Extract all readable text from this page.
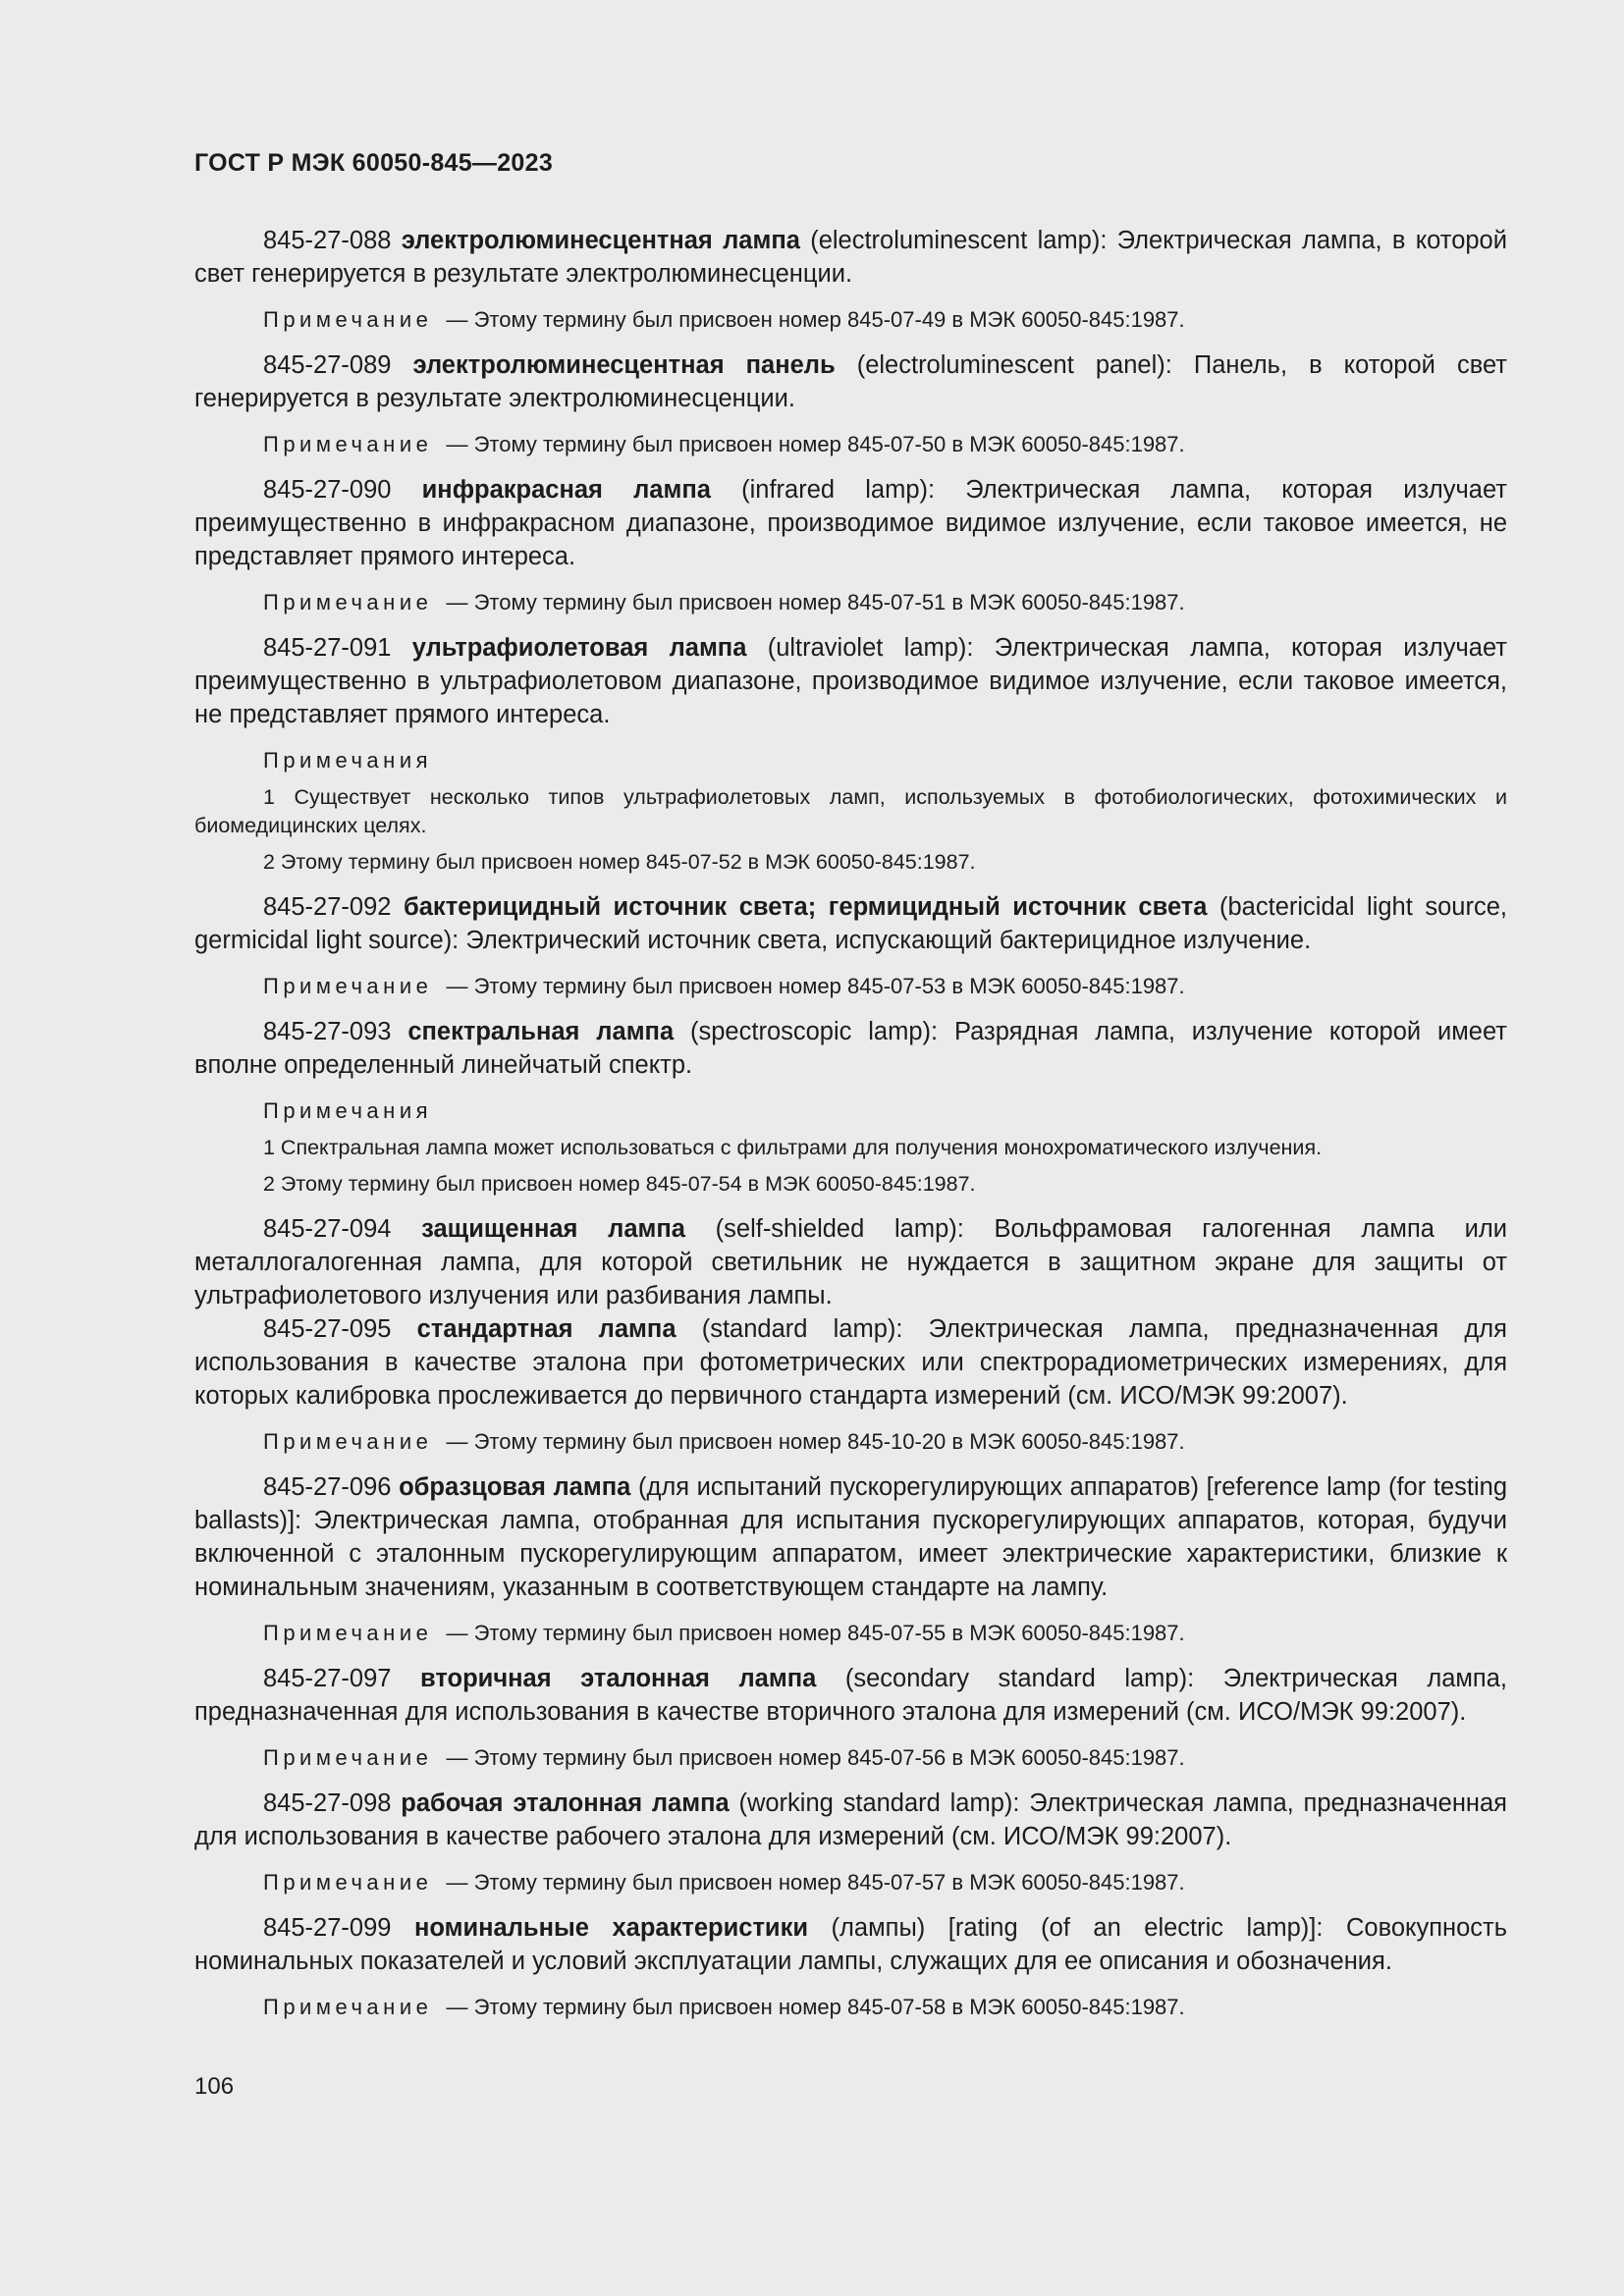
ГОСТ Р МЭК 60050-845—2023

845-27-088 электролюминесцентная лампа (electroluminescent lamp): Электрическая лампа, в которой свет генерируется в результате электролюминесценции.

Примечание — Этому термину был присвоен номер 845-07-49 в МЭК 60050-845:1987.

845-27-089 электролюминесцентная панель (electroluminescent panel): Панель, в которой свет генерируется в результате электролюминесценции.

Примечание — Этому термину был присвоен номер 845-07-50 в МЭК 60050-845:1987.

845-27-090 инфракрасная лампа (infrared lamp): Электрическая лампа, которая излучает преимущественно в инфракрасном диапазоне, производимое видимое излучение, если таковое имеется, не представляет прямого интереса.

Примечание — Этому термину был присвоен номер 845-07-51 в МЭК 60050-845:1987.

845-27-091 ультрафиолетовая лампа (ultraviolet lamp): Электрическая лампа, которая излучает преимущественно в ультрафиолетовом диапазоне, производимое видимое излучение, если таковое имеется, не представляет прямого интереса.

Примечания

1 Существует несколько типов ультрафиолетовых ламп, используемых в фотобиологических, фотохимических и биомедицинских целях.

2 Этому термину был присвоен номер 845-07-52 в МЭК 60050-845:1987.

845-27-092 бактерицидный источник света; гермицидный источник света (bactericidal light source, germicidal light source): Электрический источник света, испускающий бактерицидное излучение.

Примечание — Этому термину был присвоен номер 845-07-53 в МЭК 60050-845:1987.

845-27-093 спектральная лампа (spectroscopic lamp): Разрядная лампа, излучение которой имеет вполне определенный линейчатый спектр.

Примечания

1 Спектральная лампа может использоваться с фильтрами для получения монохроматического излучения.

2 Этому термину был присвоен номер 845-07-54 в МЭК 60050-845:1987.

845-27-094 защищенная лампа (self-shielded lamp): Вольфрамовая галогенная лампа или металлогалогенная лампа, для которой светильник не нуждается в защитном экране для защиты от ультрафиолетового излучения или разбивания лампы.

845-27-095 стандартная лампа (standard lamp): Электрическая лампа, предназначенная для использования в качестве эталона при фотометрических или спектрорадиометрических измерениях, для которых калибровка прослеживается до первичного стандарта измерений (см. ИСО/МЭК 99:2007).

Примечание — Этому термину был присвоен номер 845-10-20 в МЭК 60050-845:1987.

845-27-096 образцовая лампа (для испытаний пускорегулирующих аппаратов) [reference lamp (for testing ballasts)]: Электрическая лампа, отобранная для испытания пускорегулирующих аппаратов, которая, будучи включенной с эталонным пускорегулирующим аппаратом, имеет электрические характеристики, близкие к номинальным значениям, указанным в соответствующем стандарте на лампу.

Примечание — Этому термину был присвоен номер 845-07-55 в МЭК 60050-845:1987.

845-27-097 вторичная эталонная лампа (secondary standard lamp): Электрическая лампа, предназначенная для использования в качестве вторичного эталона для измерений (см. ИСО/МЭК 99:2007).

Примечание — Этому термину был присвоен номер 845-07-56 в МЭК 60050-845:1987.

845-27-098 рабочая эталонная лампа (working standard lamp): Электрическая лампа, предназначенная для использования в качестве рабочего эталона для измерений (см. ИСО/МЭК 99:2007).

Примечание — Этому термину был присвоен номер 845-07-57 в МЭК 60050-845:1987.

845-27-099 номинальные характеристики (лампы) [rating (of an electric lamp)]: Совокупность номинальных показателей и условий эксплуатации лампы, служащих для ее описания и обозначения.

Примечание — Этому термину был присвоен номер 845-07-58 в МЭК 60050-845:1987.

106
